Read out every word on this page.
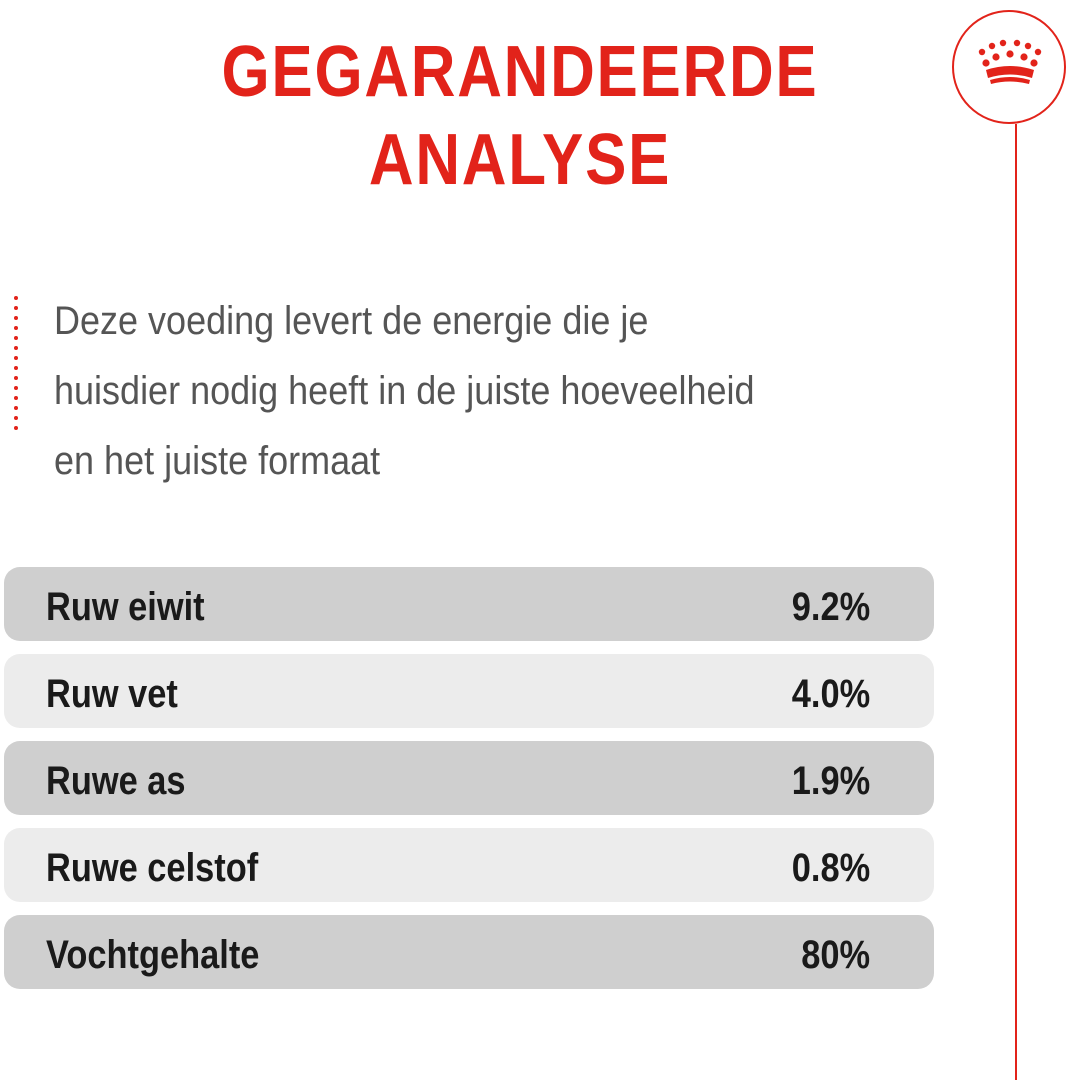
GEGARANDEERDE
ANALYSE
Deze voeding levert de energie die je
huisdier nodig heeft in de juiste hoeveelheid
en het juiste formaat
Ruw eiwit	9.2%
Ruw vet	4.0%
Ruwe as	1.9%
Ruwe celstof	0.8%
Vochtgehalte	80%
